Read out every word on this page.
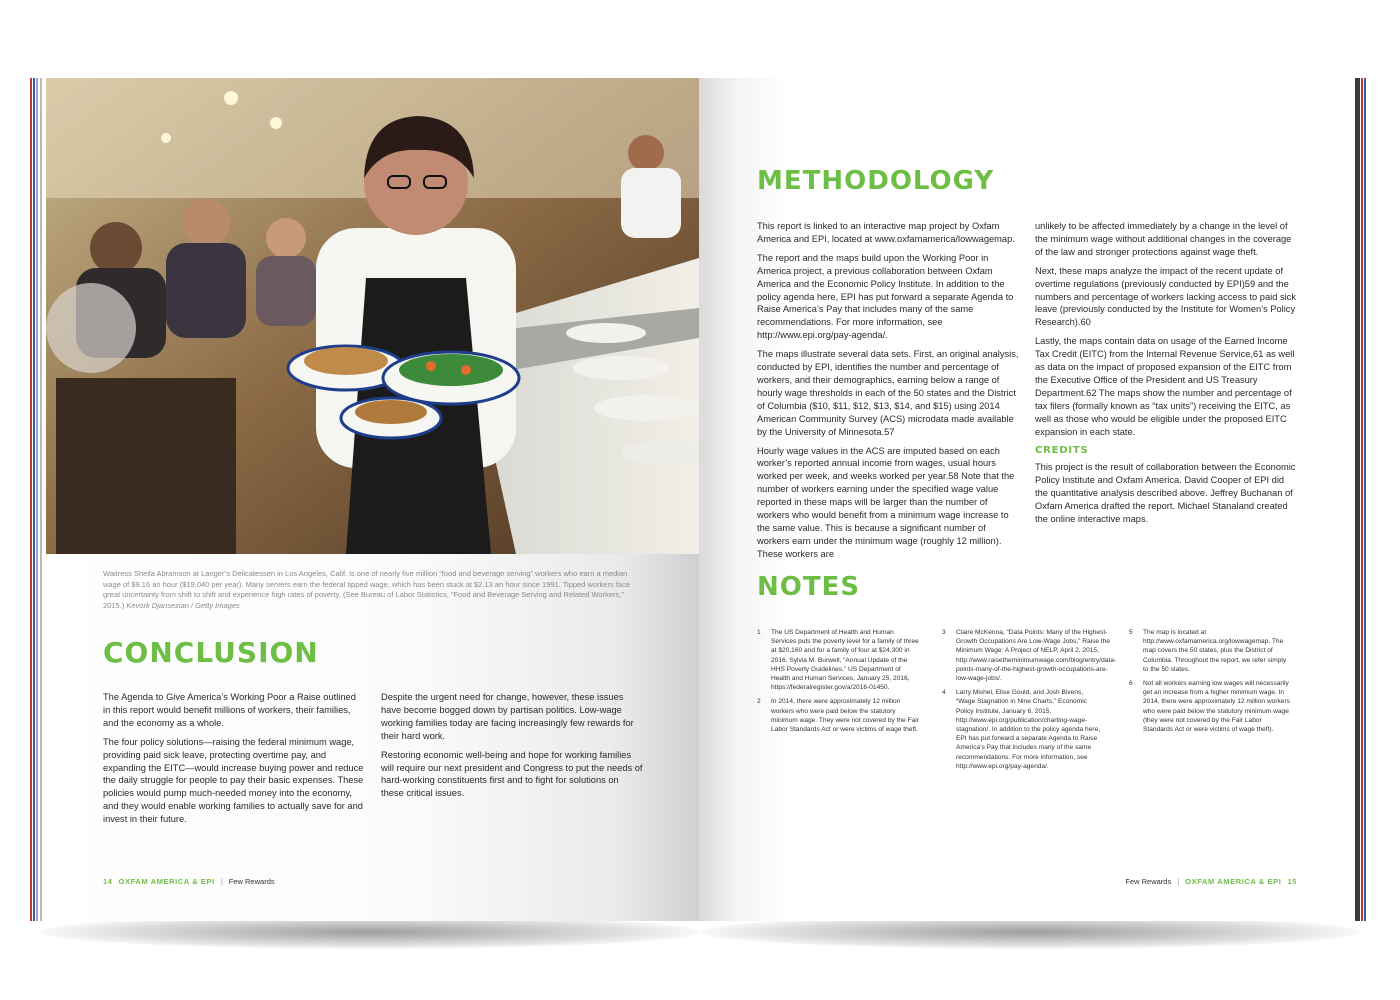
Waitress Sheila Abramson at Langer’s Delicatessen in Los Angeles, Calif. is one of nearly five million “food and beverage serving” workers who earn a median wage of $9.16 an hour ($19,040 per year). Many servers earn the federal tipped wage, which has been stuck at $2.13 an hour since 1991. Tipped workers face great uncertainty from shift to shift and experience high rates of poverty. (See Bureau of Labor Statistics, “Food and Beverage Serving and Related Workers,” 2015.) Kevork Djansezian / Getty Images
CONCLUSION

The Agenda to Give America’s Working Poor a Raise outlined in this report would benefit millions of workers, their families, and the economy as a whole.

The four policy solutions—raising the federal minimum wage, providing paid sick leave, protecting overtime pay, and expanding the EITC—would increase buying power and reduce the daily struggle for people to pay their basic expenses. These policies would pump much-needed money into the economy, and they would enable working families to actually save for and invest in their future.

Despite the urgent need for change, however, these issues have become bogged down by partisan politics. Low-wage working families today are facing increasingly few rewards for their hard work.

Restoring economic well-being and hope for working families will require our next president and Congress to put the needs of hard-working constituents first and to fight for solutions on these critical issues.

14 OXFAM AMERICA & EPI | Few Rewards
METHODOLOGY

This report is linked to an interactive map project by Oxfam America and EPI, located at www.oxfamamerica/lowwagemap.

The report and the maps build upon the Working Poor in America project, a previous collaboration between Oxfam America and the Economic Policy Institute. In addition to the policy agenda here, EPI has put forward a separate Agenda to Raise America’s Pay that includes many of the same recommendations. For more information, see http://www.epi.org/pay-agenda/.

The maps illustrate several data sets. First, an original analysis, conducted by EPI, identifies the number and percentage of workers, and their demographics, earning below a range of hourly wage thresholds in each of the 50 states and the District of Columbia ($10, $11, $12, $13, $14, and $15) using 2014 American Community Survey (ACS) microdata made available by the University of Minnesota.57

Hourly wage values in the ACS are imputed based on each worker’s reported annual income from wages, usual hours worked per week, and weeks worked per year.58 Note that the number of workers earning under the specified wage value reported in these maps will be larger than the number of workers who would benefit from a minimum wage increase to the same value. This is because a significant number of workers earn under the minimum wage (roughly 12 million). These workers are

unlikely to be affected immediately by a change in the level of the minimum wage without additional changes in the coverage of the law and stronger protections against wage theft.

Next, these maps analyze the impact of the recent update of overtime regulations (previously conducted by EPI)59 and the numbers and percentage of workers lacking access to paid sick leave (previously conducted by the Institute for Women’s Policy Research).60

Lastly, the maps contain data on usage of the Earned Income Tax Credit (EITC) from the Internal Revenue Service,61 as well as data on the impact of proposed expansion of the EITC from the Executive Office of the President and US Treasury Department.62 The maps show the number and percentage of tax filers (formally known as “tax units”) receiving the EITC, as well as those who would be eligible under the proposed EITC expansion in each state.

CREDITS

This project is the result of collaboration between the Economic Policy Institute and Oxfam America. David Cooper of EPI did the quantitative analysis described above. Jeffrey Buchanan of Oxfam America drafted the report. Michael Stanaland created the online interactive maps.

NOTES
1	The US Department of Health and Human Services puts the poverty level for a family of three at $20,160 and for a family of four at $24,300 in 2016. Sylvia M. Burwell, “Annual Update of the HHS Poverty Guidelines,” US Department of Health and Human Services, January 25, 2016, https://federalregister.gov/a/2016-01450.
2	In 2014, there were approximately 12 million workers who were paid below the statutory minimum wage. They were not covered by the Fair Labor Standards Act or were victims of wage theft.
3	Claire McKenna, “Data Points: Many of the Highest-Growth Occupations Are Low-Wage Jobs,” Raise the Minimum Wage: A Project of NELP, April 2, 2015, http://www.raisetheminimumwage.com/blog/entry/data-points-many-of-the-highest-growth-occupations-are-low-wage-jobs/.
4	Larry Mishel, Elise Gould, and Josh Bivens, “Wage Stagnation in Nine Charts,” Economic Policy Institute, January 6, 2015, http://www.epi.org/publication/charting-wage-stagnation/. In addition to the policy agenda here, EPI has put forward a separate Agenda to Raise America’s Pay that includes many of the same recommendations. For more information, see http://www.epi.org/pay-agenda/.
5	The map is located at http://www.oxfamamerica.org/lowwagemap. The map covers the 50 states, plus the District of Columbia. Throughout the report, we refer simply to the 50 states.
6	Not all workers earning low wages will necessarily get an increase from a higher minimum wage. In 2014, there were approximately 12 million workers who were paid below the statutory minimum wage (they were not covered by the Fair Labor Standards Act or were victims of wage theft).
Few Rewards | OXFAM AMERICA & EPI 15
